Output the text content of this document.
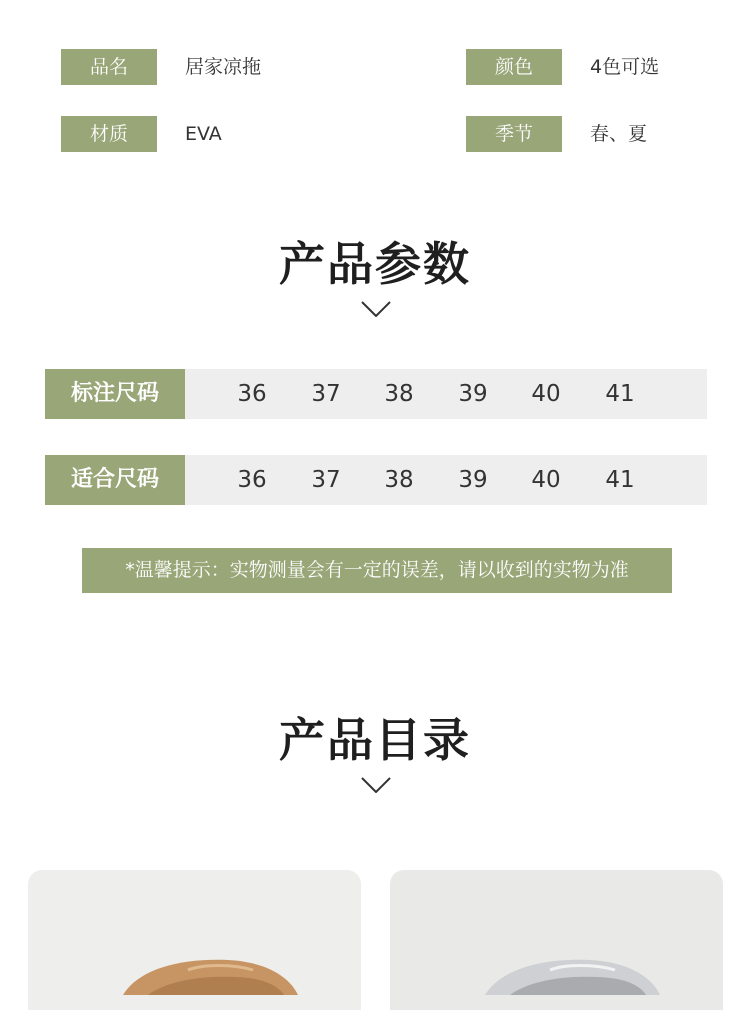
品名	居家凉拖	颜色	4色可选
材质	EVA	季节	春、夏
产品参数
标注尺码	36	37	38	39	40	41
适合尺码	36	37	38	39	40	41
*温馨提示：实物测量会有一定的误差，请以收到的实物为准
产品目录
